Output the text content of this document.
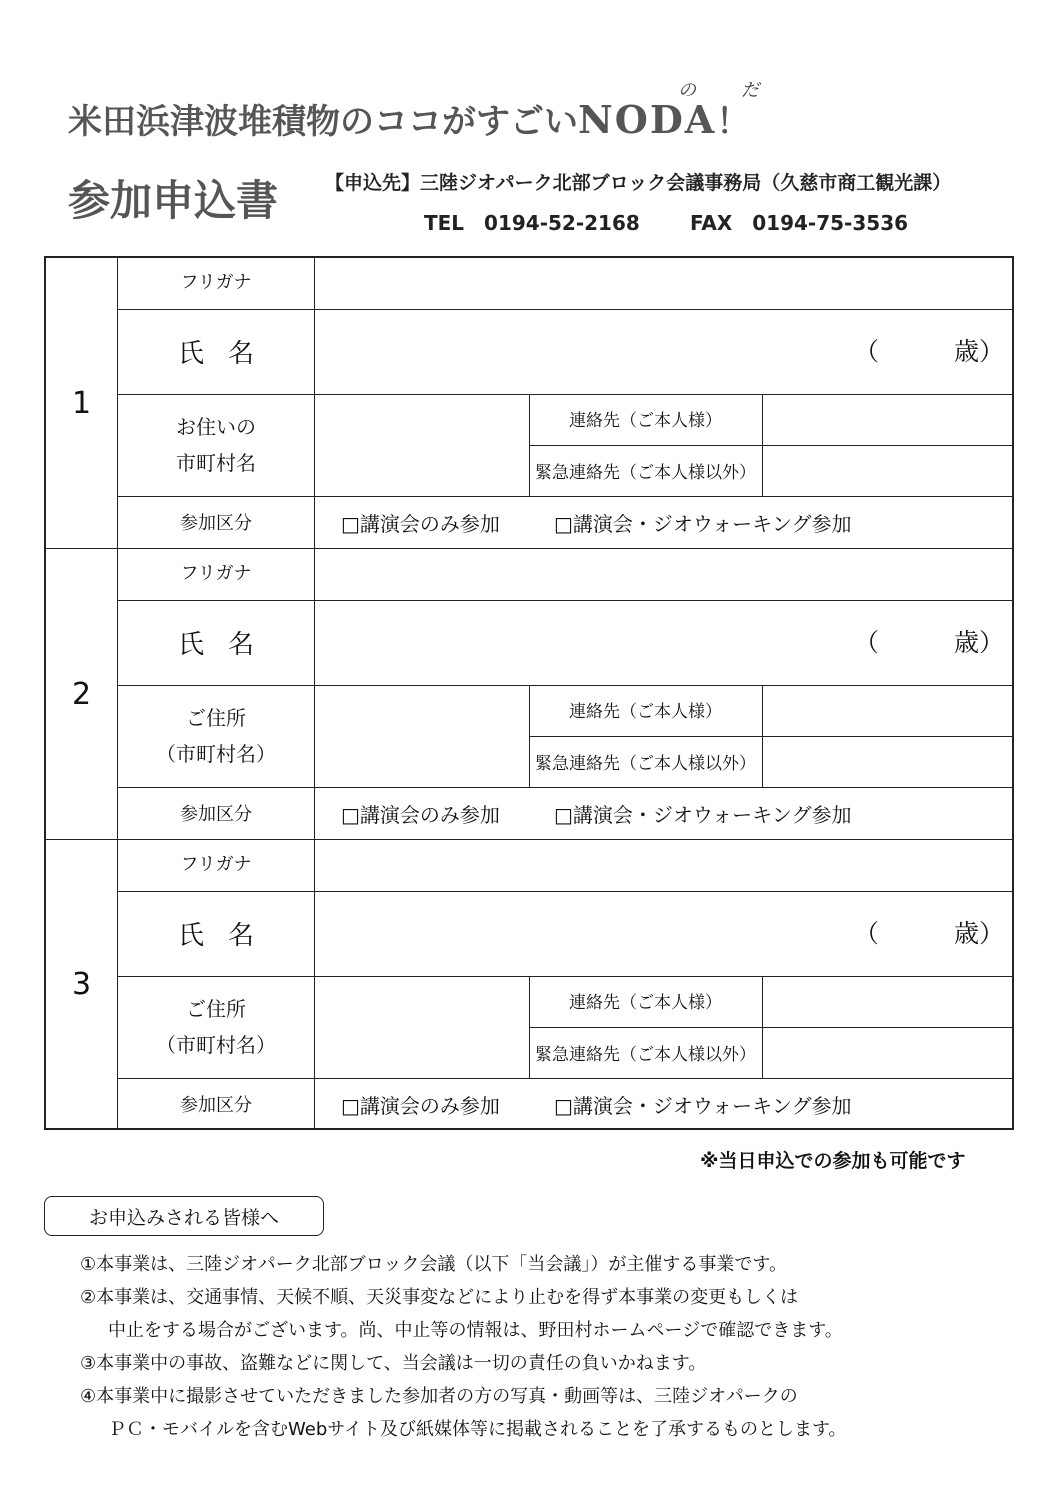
の	だ
米田浜津波堆積物のココがすごいNODA！
参加申込書 【申込先】三陸ジオパーク北部ブロック会議事務局（久慈市商工観光課）
TEL　0194-52-2168	FAX　0194-75-3536
1
フリガナ
氏名	（　　　歳）
お住いの
市町村名
連絡先（ご本人様）
緊急連絡先（ご本人様以外）
参加区分	□講演会のみ参加	□講演会・ジオウォーキング参加
2
フリガナ
氏名	（　　　歳）
ご住所
（市町村名）
連絡先（ご本人様）
緊急連絡先（ご本人様以外）
参加区分	□講演会のみ参加	□講演会・ジオウォーキング参加
3
フリガナ
氏名	（　　　歳）
ご住所
（市町村名）
連絡先（ご本人様）
緊急連絡先（ご本人様以外）
参加区分	□講演会のみ参加	□講演会・ジオウォーキング参加
※当日申込での参加も可能です
お申込みされる皆様へ
①本事業は、三陸ジオパーク北部ブロック会議（以下「当会議」）が主催する事業です。
②本事業は、交通事情、天候不順、天災事変などにより止むを得ず本事業の変更もしくは
中止をする場合がございます。尚、中止等の情報は、野田村ホームページで確認できます。
③本事業中の事故、盗難などに関して、当会議は一切の責任の負いかねます。
④本事業中に撮影させていただきました参加者の方の写真・動画等は、三陸ジオパークの
ＰＣ・モバイルを含むWebサイト及び紙媒体等に掲載されることを了承するものとします。
